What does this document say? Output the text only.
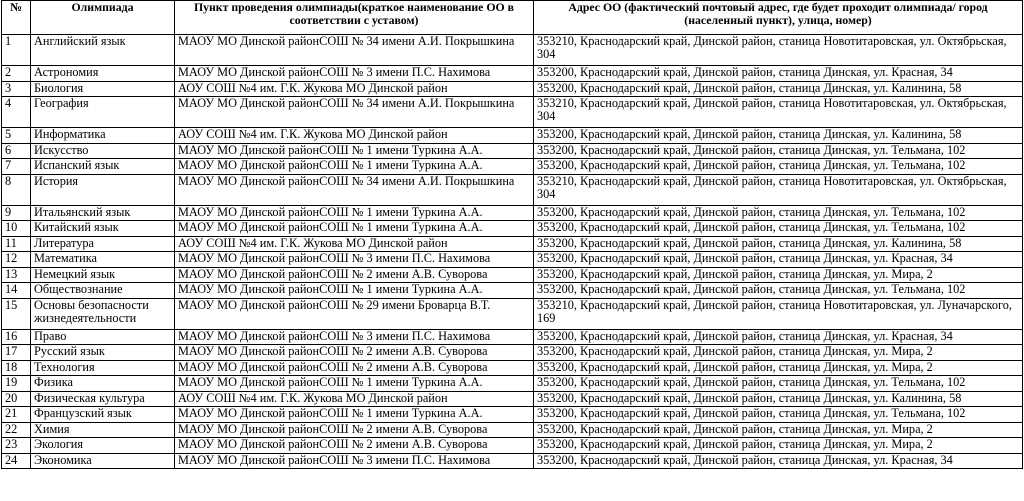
№	Олимпиада	Пункт проведения олимпиады(краткое наименование ОО в соответствии с уставом)	Адрес ОО (фактический почтовый адрес, где будет проходит олимпиада/ город (населенный пункт), улица, номер)
1	Английский язык	МАОУ МО Динской районСОШ № 34 имени А.И. Покрышкина	353210, Краснодарский край, Динской район, станица Новотитаровская, ул. Октябрьская, 304
2	Астрономия	МАОУ МО Динской районСОШ № 3 имени П.С. Нахимова	353200, Краснодарский край, Динской район, станица Динская, ул. Красная, 34
3	Биология	АОУ СОШ №4 им. Г.К. Жукова МО Динской район	353200, Краснодарский край, Динской район, станица Динская, ул. Калинина, 58
4	География	МАОУ МО Динской районСОШ № 34 имени А.И. Покрышкина	353210, Краснодарский край, Динской район, станица Новотитаровская, ул. Октябрьская, 304
5	Информатика	АОУ СОШ №4 им. Г.К. Жукова МО Динской район	353200, Краснодарский край, Динской район, станица Динская, ул. Калинина, 58
6	Искусство	МАОУ МО Динской районСОШ № 1 имени Туркина А.А.	353200, Краснодарский край, Динской район, станица Динская, ул. Тельмана, 102
7	Испанский язык	МАОУ МО Динской районСОШ № 1 имени Туркина А.А.	353200, Краснодарский край, Динской район, станица Динская, ул. Тельмана, 102
8	История	МАОУ МО Динской районСОШ № 34 имени А.И. Покрышкина	353210, Краснодарский край, Динской район, станица Новотитаровская, ул. Октябрьская, 304
9	Итальянский язык	МАОУ МО Динской районСОШ № 1 имени Туркина А.А.	353200, Краснодарский край, Динской район, станица Динская, ул. Тельмана, 102
10	Китайский язык	МАОУ МО Динской районСОШ № 1 имени Туркина А.А.	353200, Краснодарский край, Динской район, станица Динская, ул. Тельмана, 102
11	Литература	АОУ СОШ №4 им. Г.К. Жукова МО Динской район	353200, Краснодарский край, Динской район, станица Динская, ул. Калинина, 58
12	Математика	МАОУ МО Динской районСОШ № 3 имени П.С. Нахимова	353200, Краснодарский край, Динской район, станица Динская, ул. Красная, 34
13	Немецкий язык	МАОУ МО Динской районСОШ № 2 имени А.В. Суворова	353200, Краснодарский край, Динской район, станица Динская, ул. Мира, 2
14	Обществознание	МАОУ МО Динской районСОШ № 1 имени Туркина А.А.	353200, Краснодарский край, Динской район, станица Динская, ул. Тельмана, 102
15	Основы безопасности жизнедеятельности	МАОУ МО Динской районСОШ № 29 имени Броварца В.Т.	353210, Краснодарский край, Динской район, станица Новотитаровская, ул. Луначарского, 169
16	Право	МАОУ МО Динской районСОШ № 3 имени П.С. Нахимова	353200, Краснодарский край, Динской район, станица Динская, ул. Красная, 34
17	Русский язык	МАОУ МО Динской районСОШ № 2 имени А.В. Суворова	353200, Краснодарский край, Динской район, станица Динская, ул. Мира, 2
18	Технология	МАОУ МО Динской районСОШ № 2 имени А.В. Суворова	353200, Краснодарский край, Динской район, станица Динская, ул. Мира, 2
19	Физика	МАОУ МО Динской районСОШ № 1 имени Туркина А.А.	353200, Краснодарский край, Динской район, станица Динская, ул. Тельмана, 102
20	Физическая культура	АОУ СОШ №4 им. Г.К. Жукова МО Динской район	353200, Краснодарский край, Динской район, станица Динская, ул. Калинина, 58
21	Французский язык	МАОУ МО Динской районСОШ № 1 имени Туркина А.А.	353200, Краснодарский край, Динской район, станица Динская, ул. Тельмана, 102
22	Химия	МАОУ МО Динской районСОШ № 2 имени А.В. Суворова	353200, Краснодарский край, Динской район, станица Динская, ул. Мира, 2
23	Экология	МАОУ МО Динской районСОШ № 2 имени А.В. Суворова	353200, Краснодарский край, Динской район, станица Динская, ул. Мира, 2
24	Экономика	МАОУ МО Динской районСОШ № 3 имени П.С. Нахимова	353200, Краснодарский край, Динской район, станица Динская, ул. Красная, 34
